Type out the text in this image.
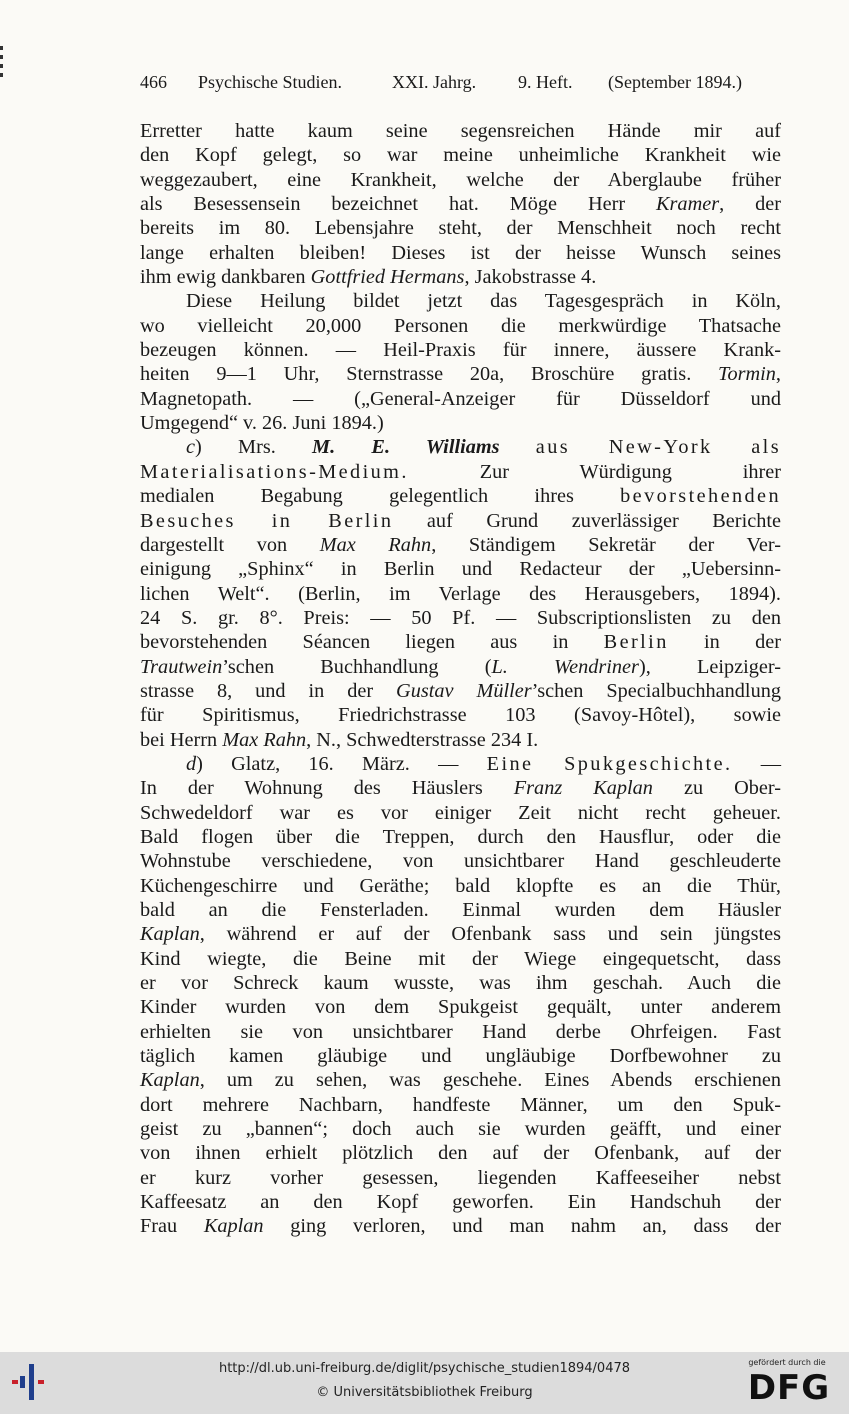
466 Psychische Studien.	XXI. Jahrg. 9. Heft. (September 1894.)
Erretter hatte kaum seine segensreichen Hände mir auf
den Kopf gelegt, so war meine unheimliche Krankheit wie
weggezaubert, eine Krankheit, welche der Aberglaube früher
als Besessensein bezeichnet hat. Möge Herr Kramer, der
bereits im 80. Lebensjahre steht, der Menschheit noch recht
lange erhalten bleiben! Dieses ist der heisse Wunsch seines
ihm ewig dankbaren Gottfried Hermans, Jakobstrasse 4.
Diese Heilung bildet jetzt das Tagesgespräch in Köln,
wo vielleicht 20,000 Personen die merkwürdige Thatsache
bezeugen können. — Heil-Praxis für innere, äussere Krank-
heiten 9—1 Uhr, Sternstrasse 20a, Broschüre gratis. Tormin,
Magnetopath. — („General-Anzeiger für Düsseldorf und
Umgegend“ v. 26. Juni 1894.)
c) Mrs. M. E. Williams aus New-York als
Materialisations-Medium. Zur Würdigung ihrer
medialen Begabung gelegentlich ihres bevorstehenden
Besuches in Berlin auf Grund zuverlässiger Berichte
dargestellt von Max Rahn, Ständigem Sekretär der Ver-
einigung „Sphinx“ in Berlin und Redacteur der „Uebersinn-
lichen Welt“. (Berlin, im Verlage des Herausgebers, 1894).
24 S. gr. 8°. Preis: — 50 Pf. — Subscriptionslisten zu den
bevorstehenden Séancen liegen aus in Berlin in der
Trautwein’schen Buchhandlung (L. Wendriner), Leipziger-
strasse 8, und in der Gustav Müller’schen Specialbuchhandlung
für Spiritismus, Friedrichstrasse 103 (Savoy-Hôtel), sowie
bei Herrn Max Rahn, N., Schwedterstrasse 234 I.
d) Glatz, 16. März. — Eine Spukgeschichte. —
In der Wohnung des Häuslers Franz Kaplan zu Ober-
Schwedeldorf war es vor einiger Zeit nicht recht geheuer.
Bald flogen über die Treppen, durch den Hausflur, oder die
Wohnstube verschiedene, von unsichtbarer Hand geschleuderte
Küchengeschirre und Geräthe; bald klopfte es an die Thür,
bald an die Fensterladen. Einmal wurden dem Häusler
Kaplan, während er auf der Ofenbank sass und sein jüngstes
Kind wiegte, die Beine mit der Wiege eingequetscht, dass
er vor Schreck kaum wusste, was ihm geschah. Auch die
Kinder wurden von dem Spukgeist gequält, unter anderem
erhielten sie von unsichtbarer Hand derbe Ohrfeigen. Fast
täglich kamen gläubige und ungläubige Dorfbewohner zu
Kaplan, um zu sehen, was geschehe. Eines Abends erschienen
dort mehrere Nachbarn, handfeste Männer, um den Spuk-
geist zu „bannen“; doch auch sie wurden geäfft, und einer
von ihnen erhielt plötzlich den auf der Ofenbank, auf der
er kurz vorher gesessen, liegenden Kaffeeseiher nebst
Kaffeesatz an den Kopf geworfen. Ein Handschuh der
Frau Kaplan ging verloren, und man nahm an, dass der
http://dl.ub.uni-freiburg.de/diglit/psychische_studien1894/0478
© Universitätsbibliothek Freiburg
gefördert durch die
DFG
